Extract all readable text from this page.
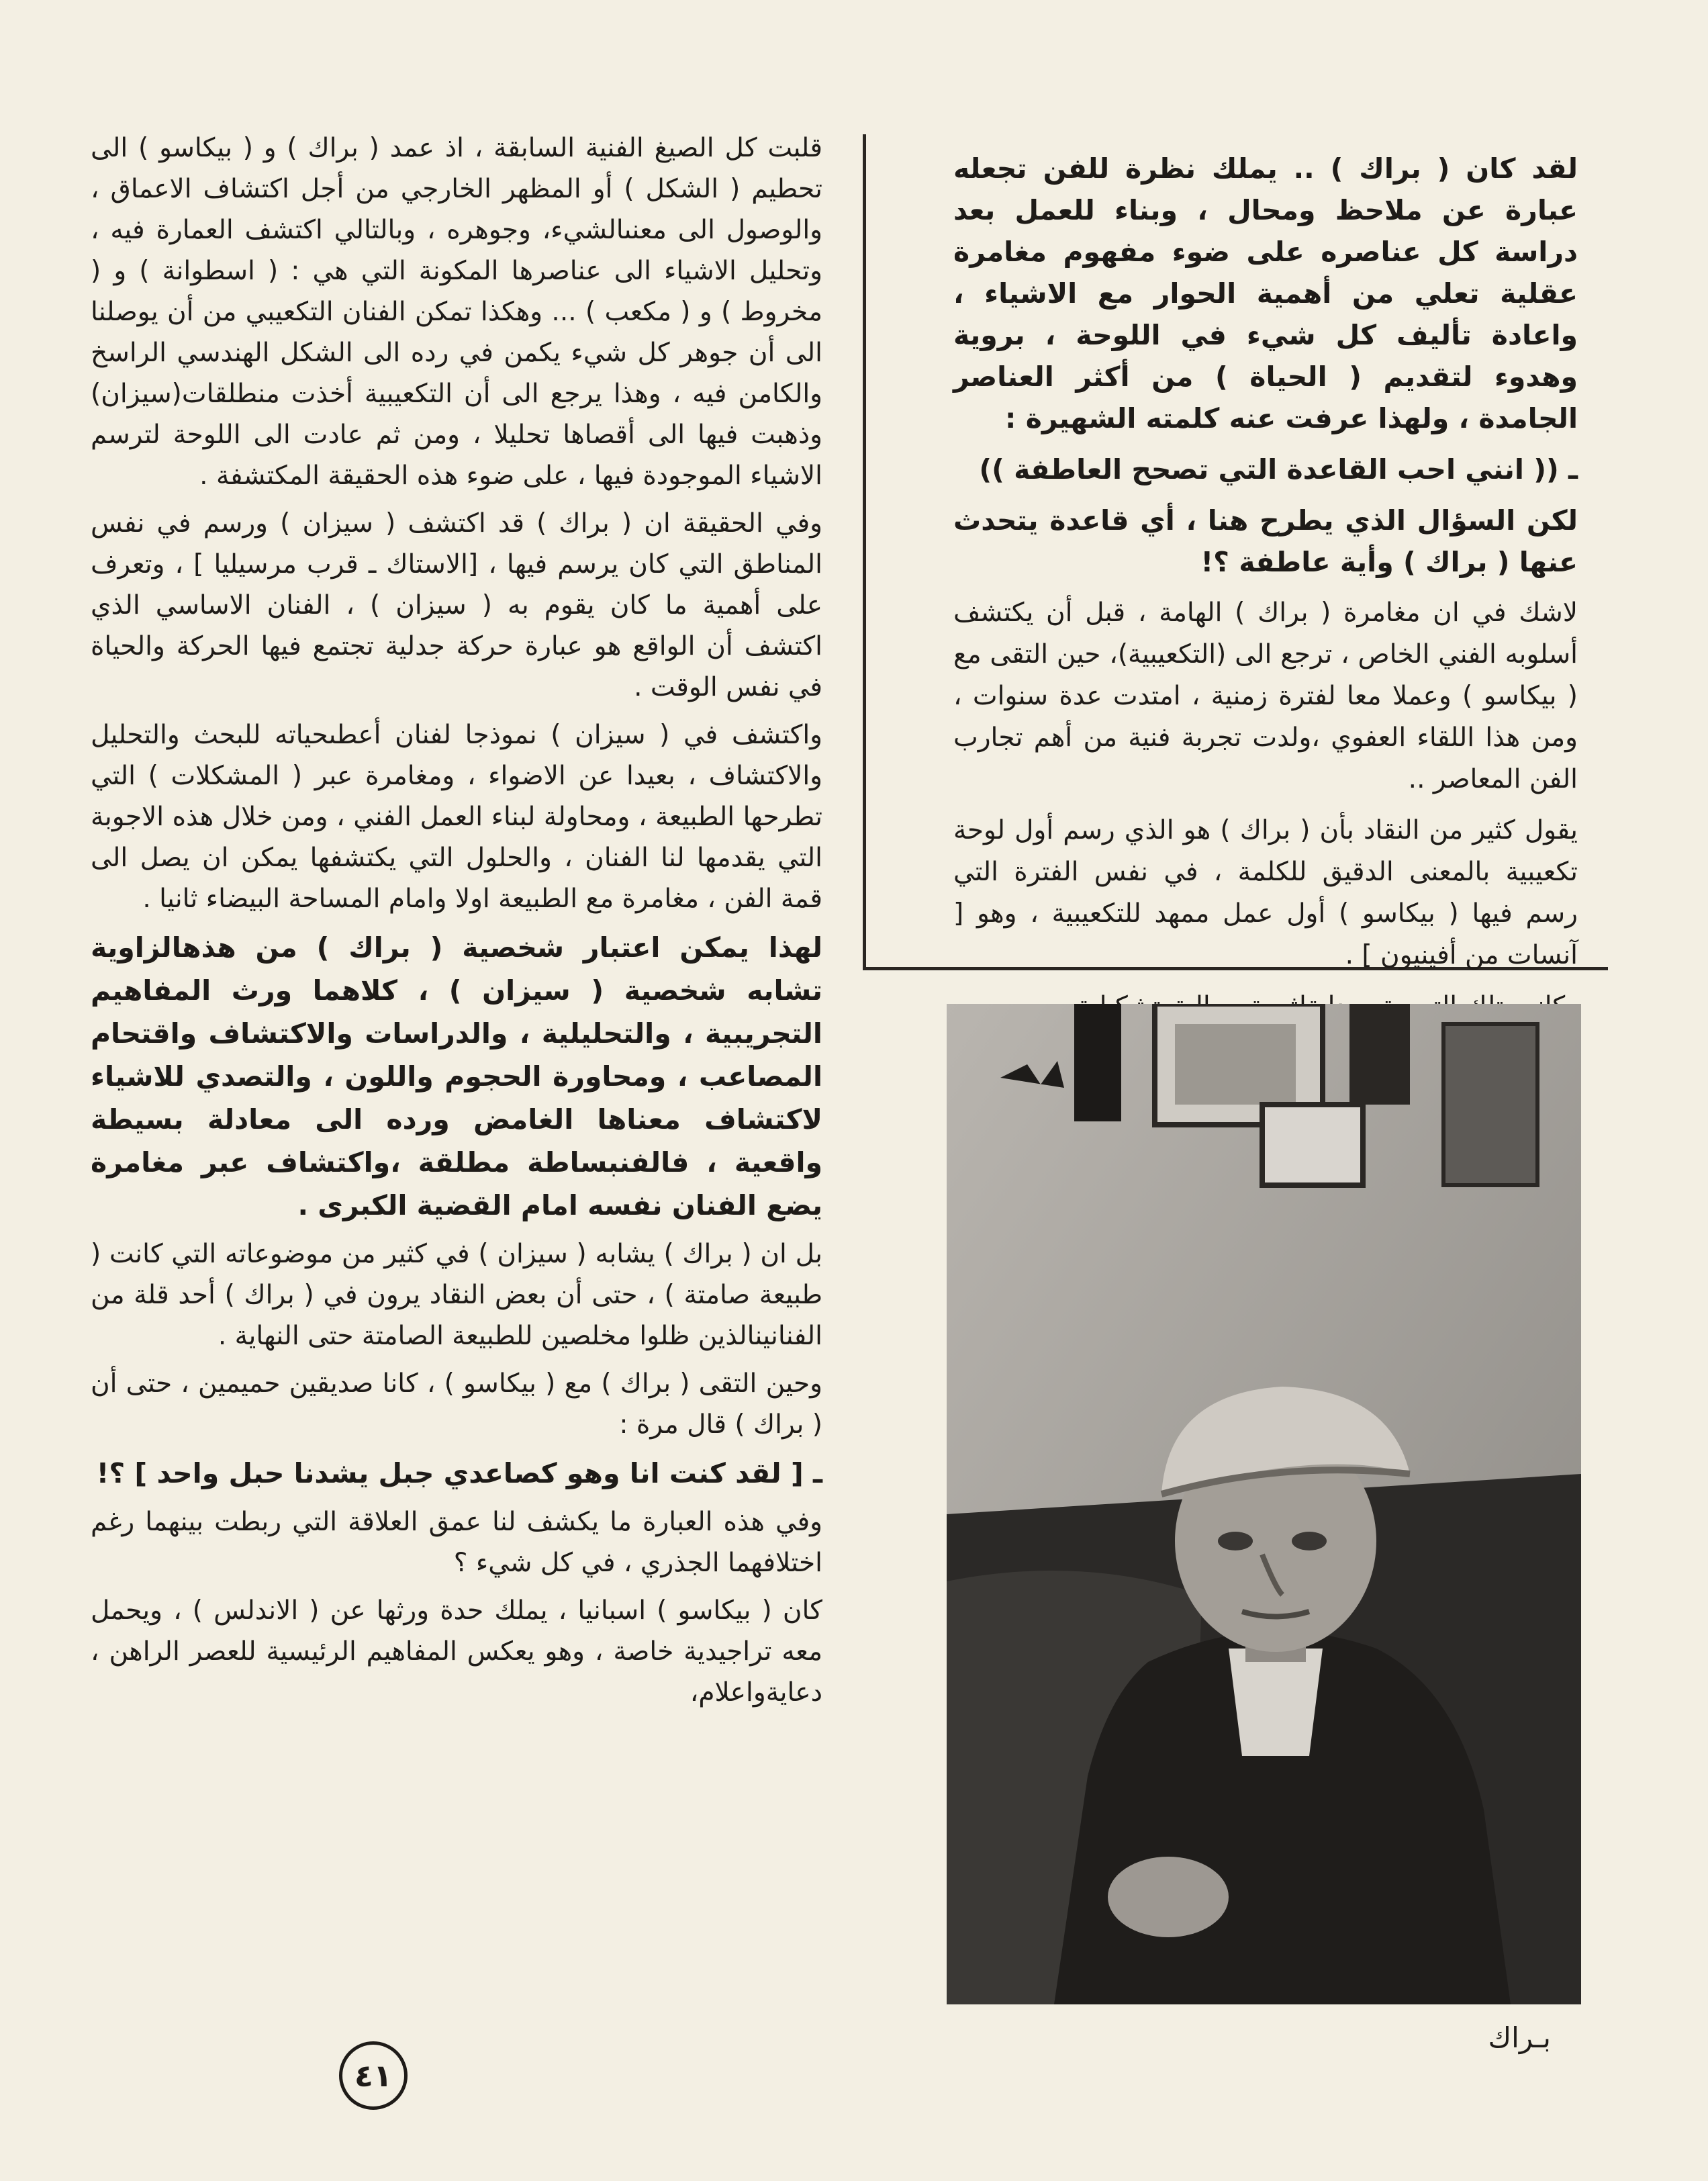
لقد كان ( براك ) .. يملك نظرة للفن تجعله عبارة عن ملاحظ ومحال ، وبناء للعمل بعد دراسة كل عناصره على ضوء مفهوم مغامرة عقلية تعلي من أهمية الحوار مع الاشياء ، واعادة تأليف كل شيء في اللوحة ، بروية وهدوء لتقديم ( الحياة ) من أكثر العناصر الجامدة ، ولهذا عرفت عنه كلمته الشهيرة :

ـ (( انني احب القاعدة التي تصحح العاطفة ))

لكن السؤال الذي يطرح هنا ، أي قاعدة يتحدث عنها ( براك ) وأية عاطفة ؟!

لاشك في ان مغامرة ( براك ) الهامة ، قبل أن يكتشف أسلوبه الفني الخاص ، ترجع الى (التكعيبية)، حين التقى مع ( بيكاسو ) وعملا معا لفترة زمنية ، امتدت عدة سنوات ، ومن هذا اللقاء العفوي ،ولدت تجربة فنية من أهم تجارب الفن المعاصر ..

يقول كثير من النقاد بأن ( براك ) هو الذي رسم أول لوحة تكعيبية بالمعنى الدقيق للكلمة ، في نفس الفترة التي رسم فيها ( بيكاسو ) أول عمل ممهد للتكعيبية ، وهو [ آنسات من أفينيون ] .

بـراك

قلبت كل الصيغ الفنية السابقة ، اذ عمد ( براك ) و ( بيكاسو ) الى تحطيم ( الشكل ) أو المظهر الخارجي من أجل اكتشاف الاعماق ، والوصول الى معنىالشيء، وجوهره ، وبالتالي اكتشف العمارة فيه ، وتحليل الاشياء الى عناصرها المكونة التي هي : ( اسطوانة ) و ( مخروط ) و ( مكعب ) ... وهكذا تمكن الفنان التكعيبي من أن يوصلنا الى أن جوهر كل شيء يكمن في رده الى الشكل الهندسي الراسخ والكامن فيه ، وهذا يرجع الى أن التكعيبية أخذت منطلقات(سيزان) وذهبت فيها الى أقصاها تحليلا ، ومن ثم عادت الى اللوحة لترسم الاشياء الموجودة فيها ، على ضوء هذه الحقيقة المكتشفة .

وفي الحقيقة ان ( براك ) قد اكتشف ( سيزان ) ورسم في نفس المناطق التي كان يرسم فيها ، [الاستاك ـ قرب مرسيليا ] ، وتعرف على أهمية ما كان يقوم به ( سيزان ) ، الفنان الاساسي الذي اكتشف أن الواقع هو عبارة حركة جدلية تجتمع فيها الحركة والحياة في نفس الوقت .

واكتشف في ( سيزان ) نموذجا لفنان أعطىحياته للبحث والتحليل والاكتشاف ، بعيدا عن الاضواء ، ومغامرة عبر ( المشكلات ) التي تطرحها الطبيعة ، ومحاولة لبناء العمل الفني ، ومن خلال هذه الاجوبة التي يقدمها لنا الفنان ، والحلول التي يكتشفها يمكن ان يصل الى قمة الفن ، مغامرة مع الطبيعة اولا وامام المساحة البيضاء ثانيا .

لهذا يمكن اعتبار شخصية ( براك ) من هذهالزاوية تشابه شخصية ( سيزان ) ، كلاهما ورث المفاهيم التجريبية ، والتحليلية ، والدراسات والاكتشاف واقتحام المصاعب ، ومحاورة الحجوم واللون ، والتصدي للاشياء لاكتشاف معناها الغامض ورده الى معادلة بسيطة واقعية ، فالفنبساطة مطلقة ،واكتشاف عبر مغامرة يضع الفنان نفسه امام القضية الكبرى .

بل ان ( براك ) يشابه ( سيزان ) في كثير من موضوعاته التي كانت ( طبيعة صامتة ) ، حتى أن بعض النقاد يرون في ( براك ) أحد قلة من الفنانينالذين ظلوا مخلصين للطبيعة الصامتة حتى النهاية .

وحين التقى ( براك ) مع ( بيكاسو ) ، كانا صديقين حميمين ، حتى أن ( براك ) قال مرة :

ـ [ لقد كنت انا وهو كصاعدي جبل يشدنا حبل واحد ] ؟!

وفي هذه العبارة ما يكشف لنا عمق العلاقة التي ربطت بينهما رغم اختلافهما الجذري ، في كل شيء ؟

كان ( بيكاسو ) اسبانيا ، يملك حدة ورثها عن ( الاندلس ) ، ويحمل معه تراجيدية خاصة ، وهو يعكس المفاهيم الرئيسية للعصر الراهن ، دعايةواعلام،

٤١
